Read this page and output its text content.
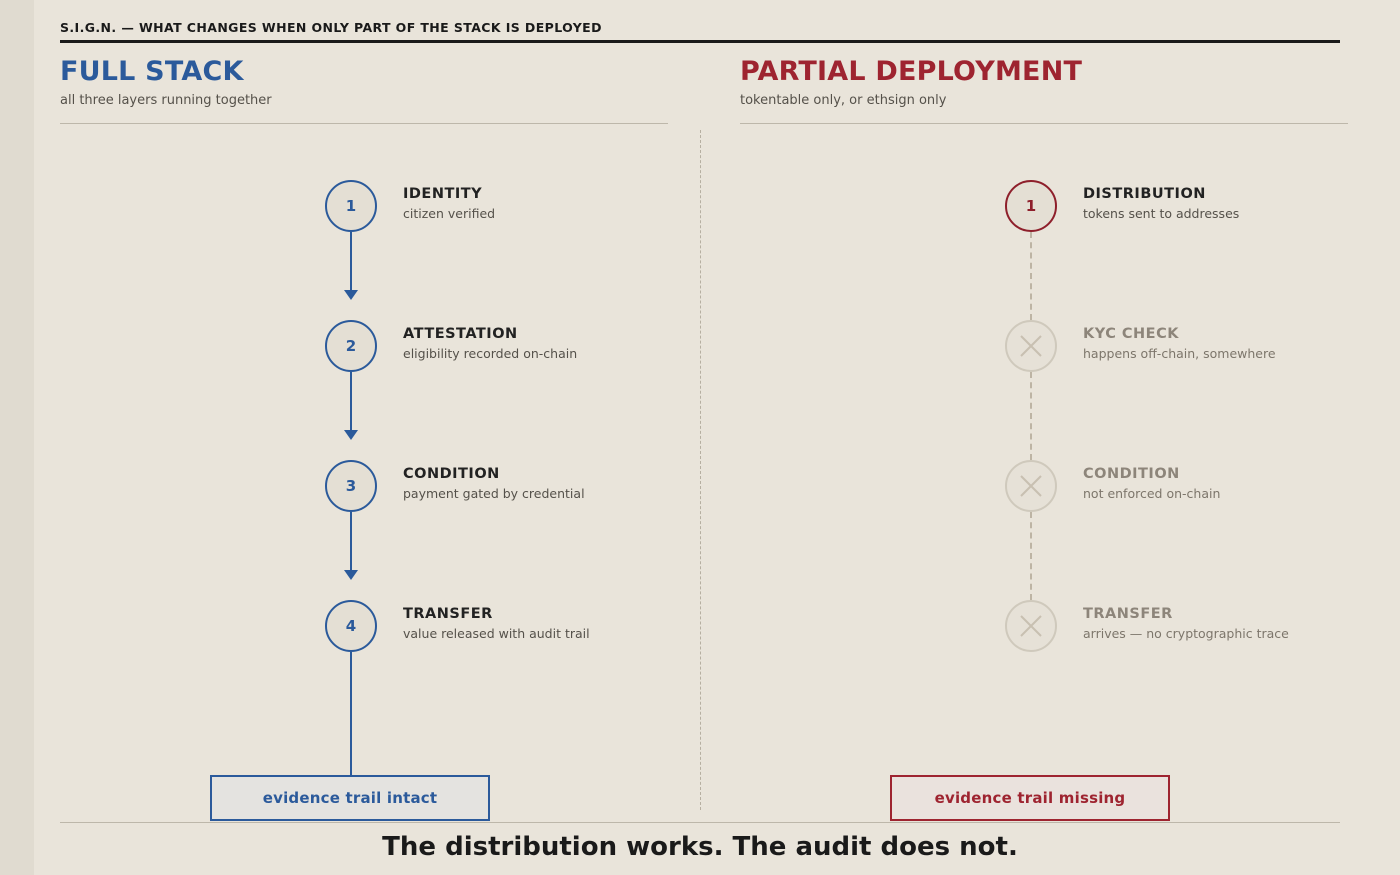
S.I.G.N. — WHAT CHANGES WHEN ONLY PART OF THE STACK IS DEPLOYED
FULL STACK
all three layers running together
1
IDENTITY
citizen verified
2
ATTESTATION
eligibility recorded on-chain
3
CONDITION
payment gated by credential
4
TRANSFER
value released with audit trail
evidence trail intact
PARTIAL DEPLOYMENT
tokentable only, or ethsign only
1
DISTRIBUTION
tokens sent to addresses
KYC CHECK
happens off-chain, somewhere
CONDITION
not enforced on-chain
TRANSFER
arrives — no cryptographic trace
evidence trail missing
The distribution works. The audit does not.
